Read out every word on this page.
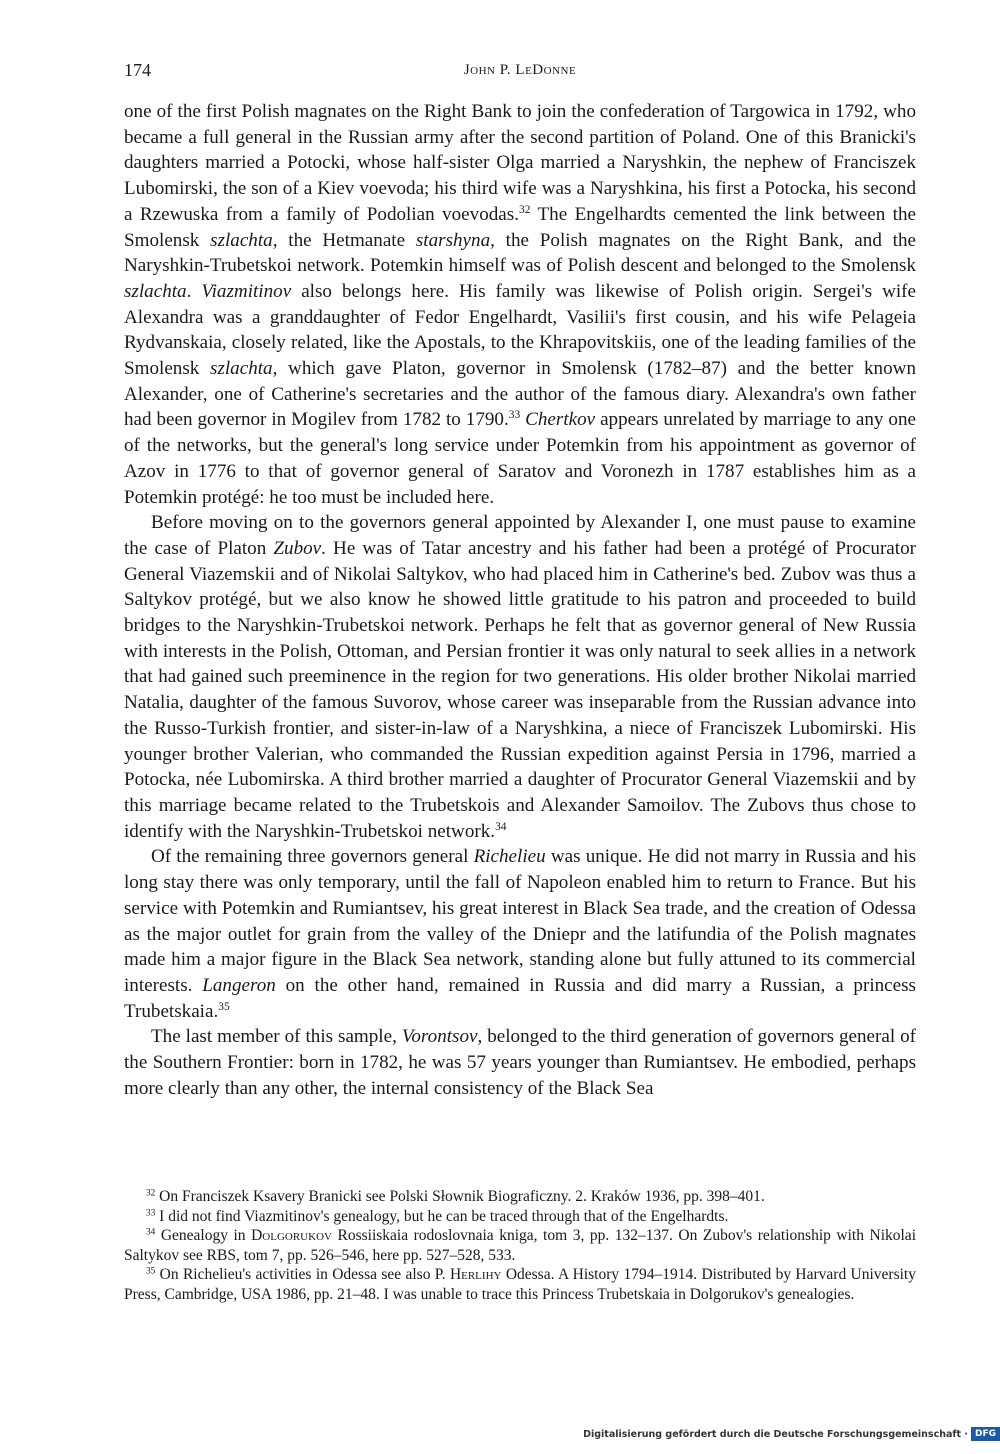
174	John P. LeDonne

one of the first Polish magnates on the Right Bank to join the confederation of Targowica in 1792, who became a full general in the Russian army after the second partition of Poland. One of this Branicki's daughters married a Potocki, whose half-sister Olga married a Naryshkin, the nephew of Franciszek Lubomirski, the son of a Kiev voevoda; his third wife was a Naryshkina, his first a Potocka, his second a Rzewuska from a family of Podolian voevodas.$^{32}$ The Engelhardts cemented the link between the Smolensk szlachta, the Hetmanate starshyna, the Polish magnates on the Right Bank, and the Naryshkin-Trubetskoi network. Potemkin himself was of Polish descent and belonged to the Smolensk szlachta. Viazmitinov also belongs here. His family was likewise of Polish origin. Sergei's wife Alexandra was a granddaughter of Fedor Engelhardt, Vasilii's first cousin, and his wife Pelageia Rydvanskaia, closely related, like the Apostals, to the Khrapovitskiis, one of the leading families of the Smolensk szlachta, which gave Platon, governor in Smolensk (1782–87) and the better known Alexander, one of Catherine's secretaries and the author of the famous diary. Alexandra's own father had been governor in Mogilev from 1782 to 1790.33 Chertkov appears unrelated by marriage to any one of the networks, but the general's long service under Potemkin from his appointment as governor of Azov in 1776 to that of governor general of Saratov and Voronezh in 1787 establishes him as a Potemkin protégé: he too must be included here.

Before moving on to the governors general appointed by Alexander I, one must pause to examine the case of Platon Zubov. He was of Tatar ancestry and his father had been a protégé of Procurator General Viazemskii and of Nikolai Saltykov, who had placed him in Catherine's bed. Zubov was thus a Saltykov protégé, but we also know he showed little gratitude to his patron and proceeded to build bridges to the Naryshkin-Trubetskoi network. Perhaps he felt that as governor general of New Russia with interests in the Polish, Ottoman, and Persian frontier it was only natural to seek allies in a network that had gained such preeminence in the region for two generations. His older brother Nikolai married Natalia, daughter of the famous Suvorov, whose career was inseparable from the Russian advance into the Russo-Turkish frontier, and sister-in-law of a Naryshkina, a niece of Franciszek Lubomirski. His younger brother Valerian, who commanded the Russian expedition against Persia in 1796, married a Potocka, née Lubomirska. A third brother married a daughter of Procurator General Viazemskii and by this marriage became related to the Trubetskois and Alexander Samoilov. The Zubovs thus chose to identify with the Naryshkin-Trubetskoi network.$^{34}$

Of the remaining three governors general Richelieu was unique. He did not marry in Russia and his long stay there was only temporary, until the fall of Napoleon enabled him to return to France. But his service with Potemkin and Rumiantsev, his great interest in Black Sea trade, and the creation of Odessa as the major outlet for grain from the valley of the Dniepr and the latifundia of the Polish magnates made him a major figure in the Black Sea network, standing alone but fully attuned to its commercial interests. Langeron on the other hand, remained in Russia and did marry a Russian, a princess Trubetskaia.$^{35}$

The last member of this sample, Vorontsov, belonged to the third generation of governors general of the Southern Frontier: born in 1782, he was 57 years younger than Rumiantsev. He embodied, perhaps more clearly than any other, the internal consistency of the Black Sea

$^{32}$ On Franciszek Ksavery Branicki see Polski Słownik Biograficzny. 2. Kraków 1936, pp. 398–401.

$^{33}$ I did not find Viazmitinov's genealogy, but he can be traced through that of the Engelhardts.

$^{34}$ Genealogy in Dolgorukov Rossiiskaia rodoslovnaia kniga, tom 3, pp. 132–137. On Zubov's relationship with Nikolai Saltykov see RBS, tom 7, pp. 526–546, here pp. 527–528, 533.

$^{35}$ On Richelieu's activities in Odessa see also P. Herlihy Odessa. A History 1794–1914. Distributed by Harvard University Press, Cambridge, USA 1986, pp. 21–48. I was unable to trace this Princess Trubetskaia in Dolgorukov's genealogies.

Digitalisierung gefördert durch die Deutsche Forschungsgemeinschaft · DFG
